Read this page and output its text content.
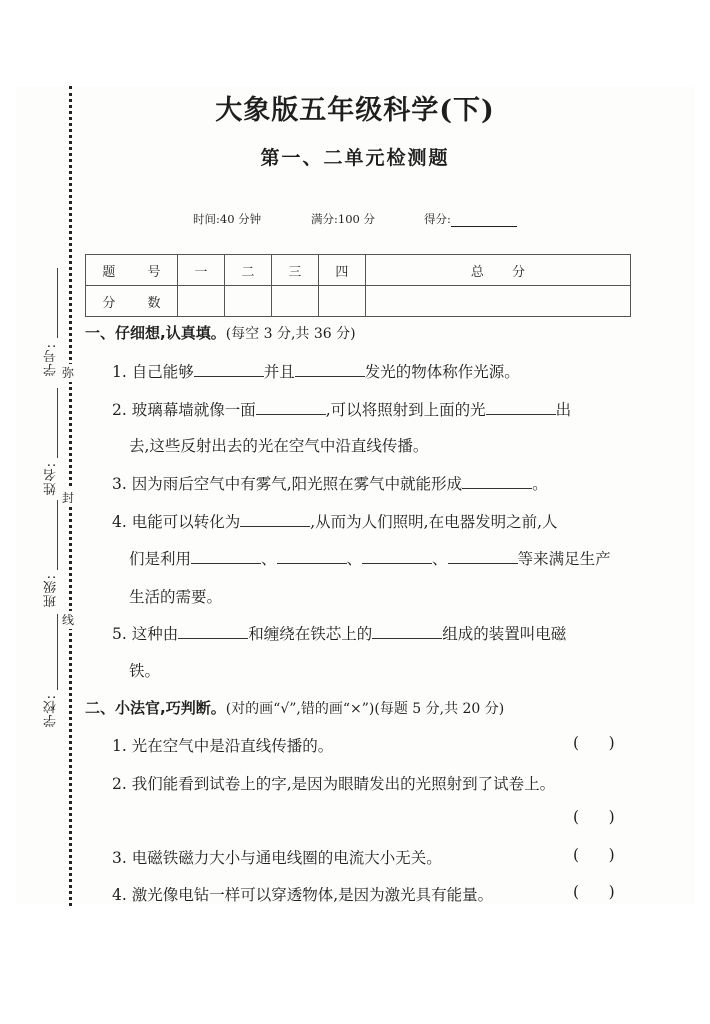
学号:
姓名:
班级:
学校:
弥
封
线
大象版五年级科学(下)
第一、二单元检测题
时间:40 分钟	满分:100 分	得分:
题 号	一	二	三	四	总 分
分 数					
一、仔细想,认真填。(每空 3 分,共 36 分)
1. 自己能够	并且	发光的物体称作光源。
2. 玻璃幕墙就像一面	,可以将照射到上面的光	出
去,这些反射出去的光在空气中沿直线传播。
3. 因为雨后空气中有雾气,阳光照在雾气中就能形成	。
4. 电能可以转化为	,从而为人们照明,在电器发明之前,人
们是利用	、	、	、	等来满足生产
生活的需要。
5. 这种由	和缠绕在铁芯上的	组成的装置叫电磁
铁。
二、小法官,巧判断。(对的画“√”,错的画“×”)(每题 5 分,共 20 分)
1. 光在空气中是沿直线传播的。	(      )
2. 我们能看到试卷上的字,是因为眼睛发出的光照射到了试卷上。
(      )
3. 电磁铁磁力大小与通电线圈的电流大小无关。	(      )
4. 激光像电钻一样可以穿透物体,是因为激光具有能量。	(      )
